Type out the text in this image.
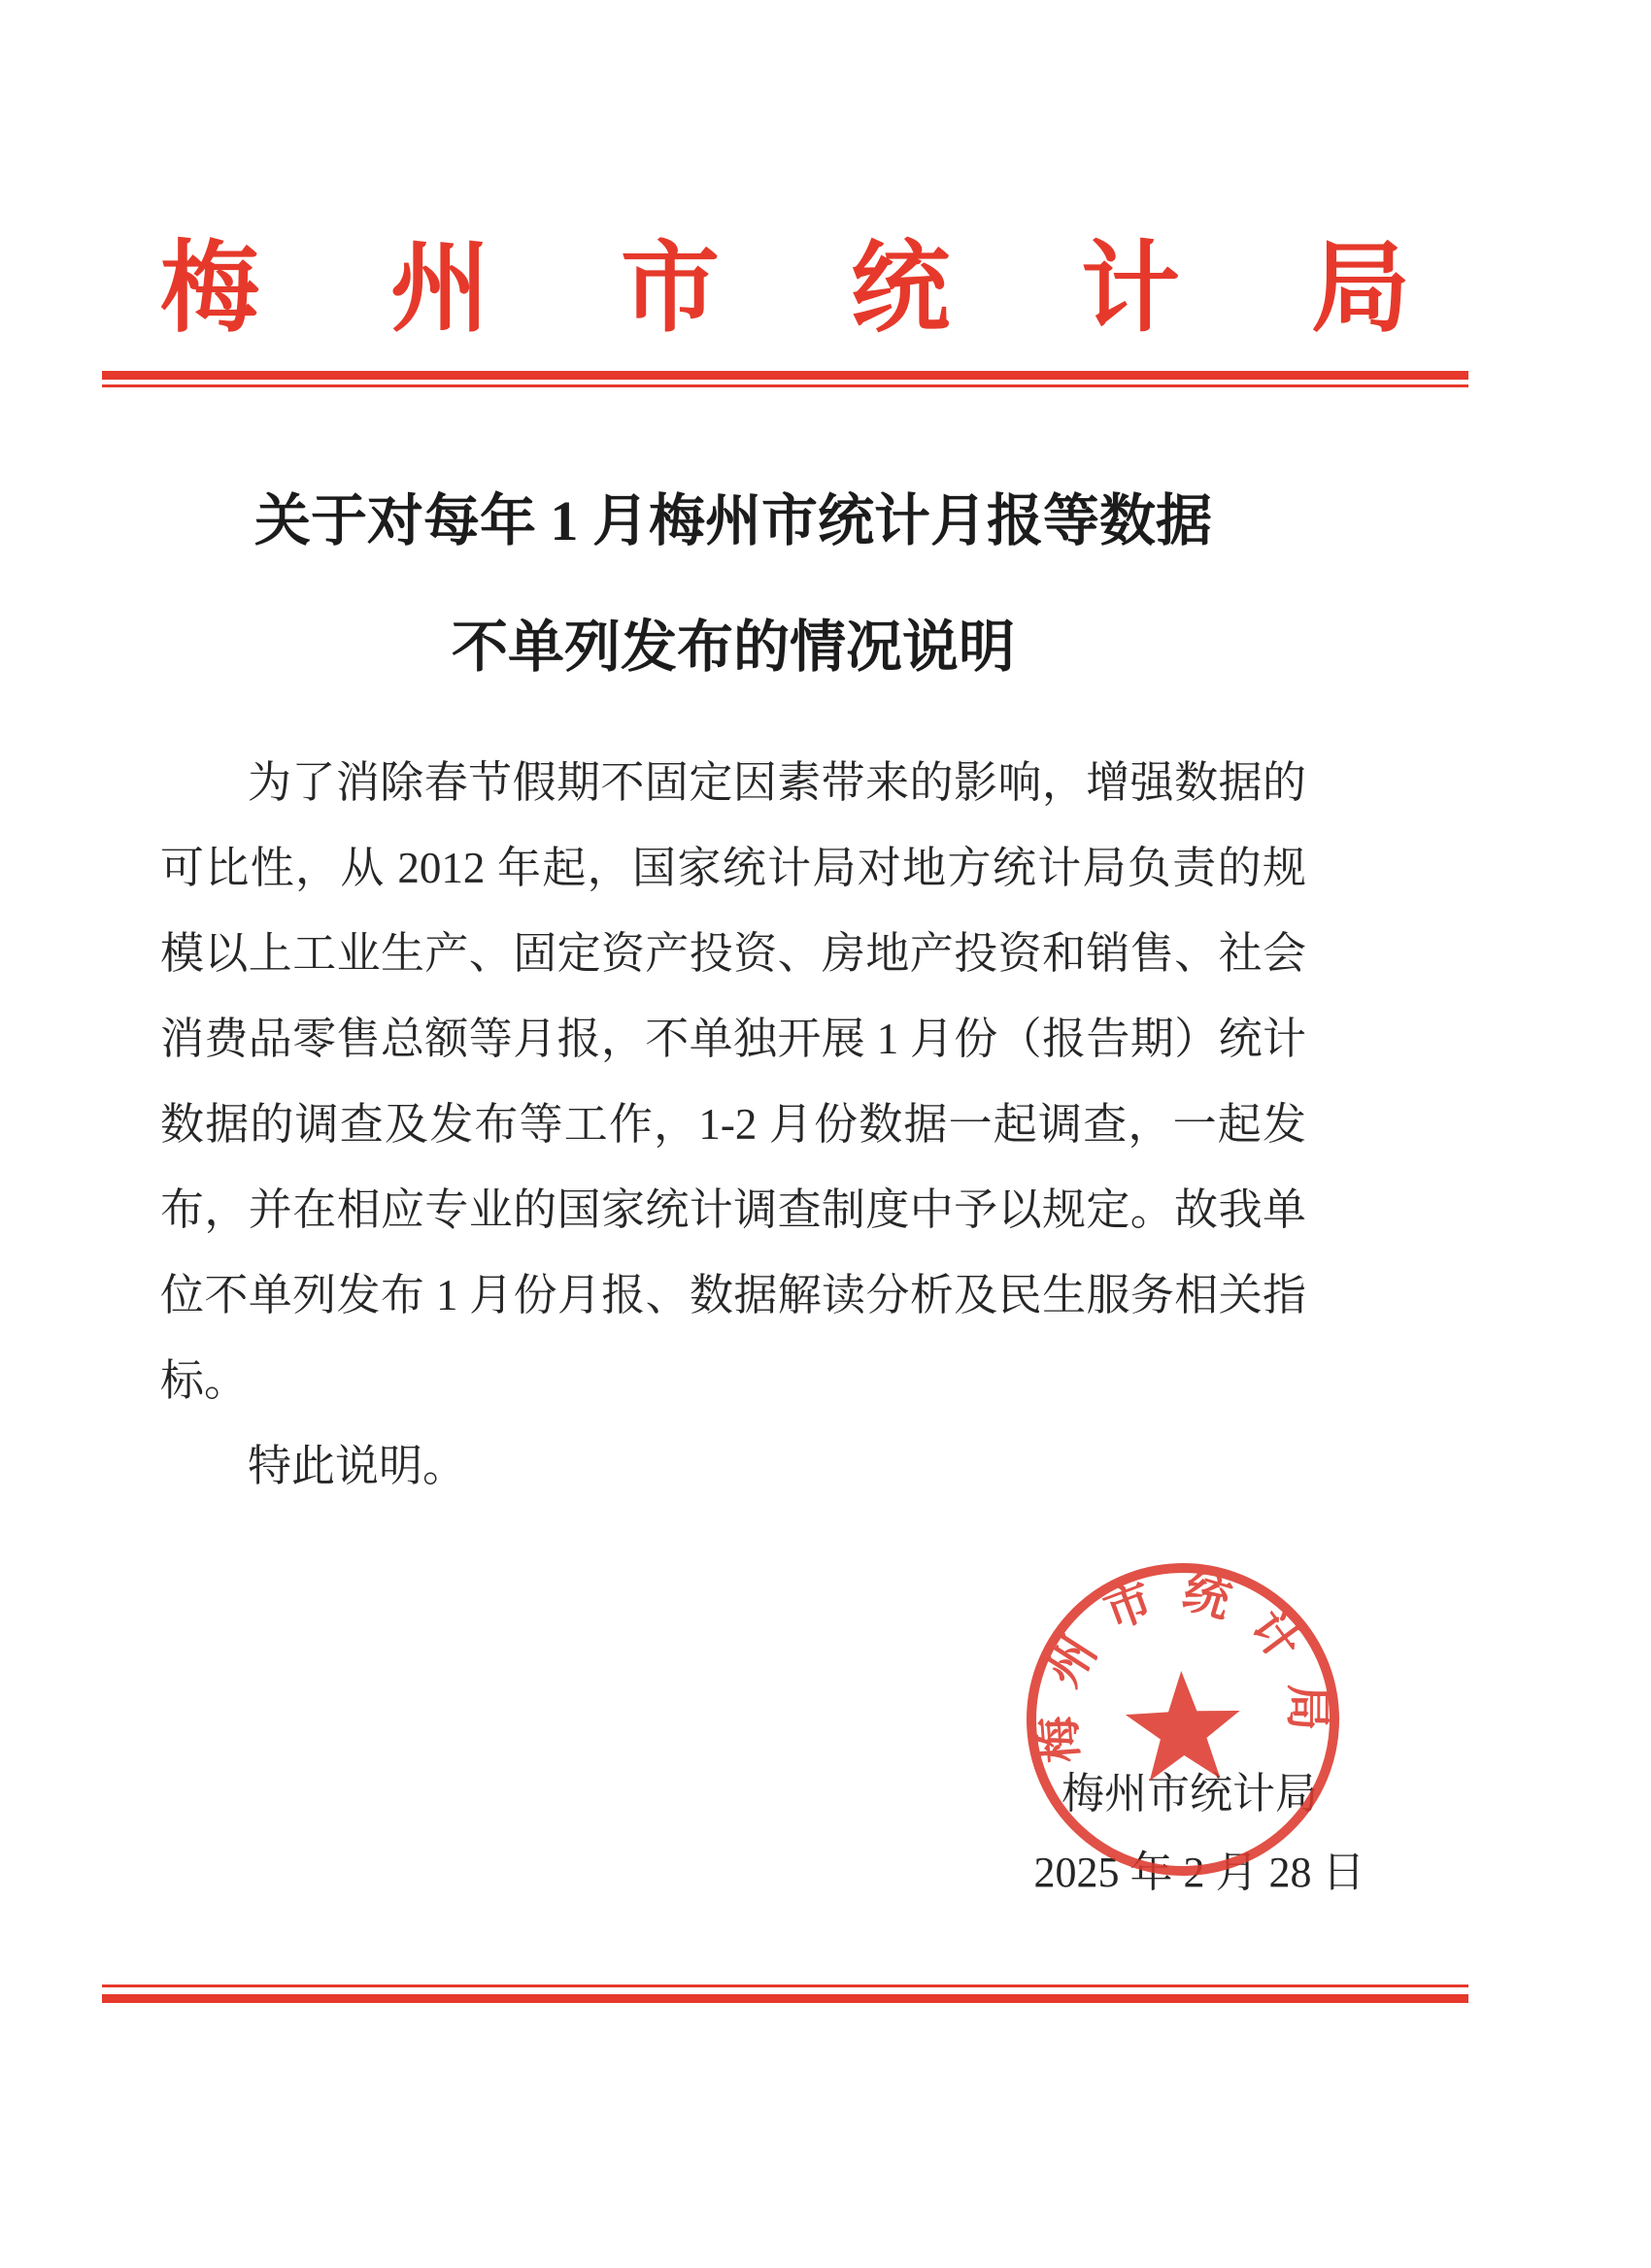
梅州市统计局
关于对每年 1 月梅州市统计月报等数据
不单列发布的情况说明

为了消除春节假期不固定因素带来的影响，增强数据的可比性，从 2012 年起，国家统计局对地方统计局负责的规模以上工业生产、固定资产投资、房地产投资和销售、社会消费品零售总额等月报，不单独开展 1 月份（报告期）统计数据的调查及发布等工作，1-2 月份数据一起调查，一起发布，并在相应专业的国家统计调查制度中予以规定。故我单位不单列发布 1 月份月报、数据解读分析及民生服务相关指标。

特此说明。

梅州市统计局
2025 年 2 月 28 日
梅州市统计局
